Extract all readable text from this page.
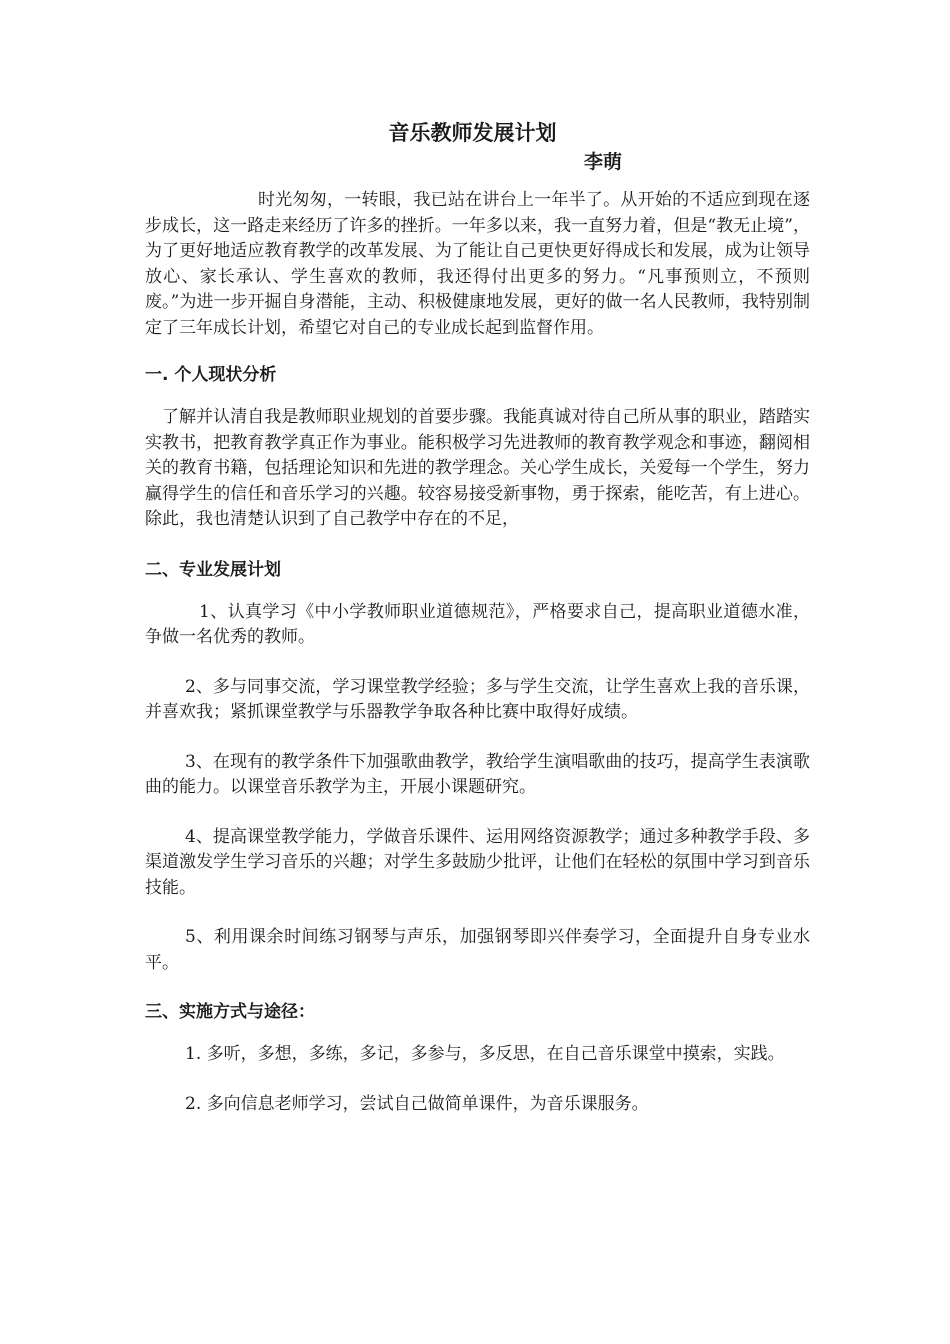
音乐教师发展计划
李萌

时光匆匆，一转眼，我已站在讲台上一年半了。从开始的不适应到现在逐步成长，这一路走来经历了许多的挫折。一年多以来，我一直努力着，但是“教无止境”，为了更好地适应教育教学的改革发展、为了能让自己更快更好得成长和发展，成为让领导放心、家长承认、学生喜欢的教师，我还得付出更多的努力。“凡事预则立，不预则废。”为进一步开掘自身潜能，主动、积极健康地发展，更好的做一名人民教师，我特别制定了三年成长计划，希望它对自己的专业成长起到监督作用。

一. 个人现状分析

了解并认清自我是教师职业规划的首要步骤。我能真诚对待自己所从事的职业，踏踏实实教书，把教育教学真正作为事业。能积极学习先进教师的教育教学观念和事迹，翻阅相关的教育书籍，包括理论知识和先进的教学理念。关心学生成长，关爱每一个学生，努力赢得学生的信任和音乐学习的兴趣。较容易接受新事物，勇于探索，能吃苦，有上进心。除此，我也清楚认识到了自己教学中存在的不足，

二、专业发展计划

1、认真学习《中小学教师职业道德规范》，严格要求自己，提高职业道德水准，争做一名优秀的教师。

2、多与同事交流，学习课堂教学经验；多与学生交流，让学生喜欢上我的音乐课，并喜欢我；紧抓课堂教学与乐器教学争取各种比赛中取得好成绩。

3、在现有的教学条件下加强歌曲教学，教给学生演唱歌曲的技巧，提高学生表演歌曲的能力。以课堂音乐教学为主，开展小课题研究。

4、提高课堂教学能力，学做音乐课件、运用网络资源教学；通过多种教学手段、多渠道激发学生学习音乐的兴趣；对学生多鼓励少批评，让他们在轻松的氛围中学习到音乐技能。

5、利用课余时间练习钢琴与声乐，加强钢琴即兴伴奏学习，全面提升自身专业水平。

三、实施方式与途径：

1. 多听，多想，多练，多记，多参与，多反思，在自己音乐课堂中摸索，实践。

2. 多向信息老师学习，尝试自己做简单课件，为音乐课服务。
